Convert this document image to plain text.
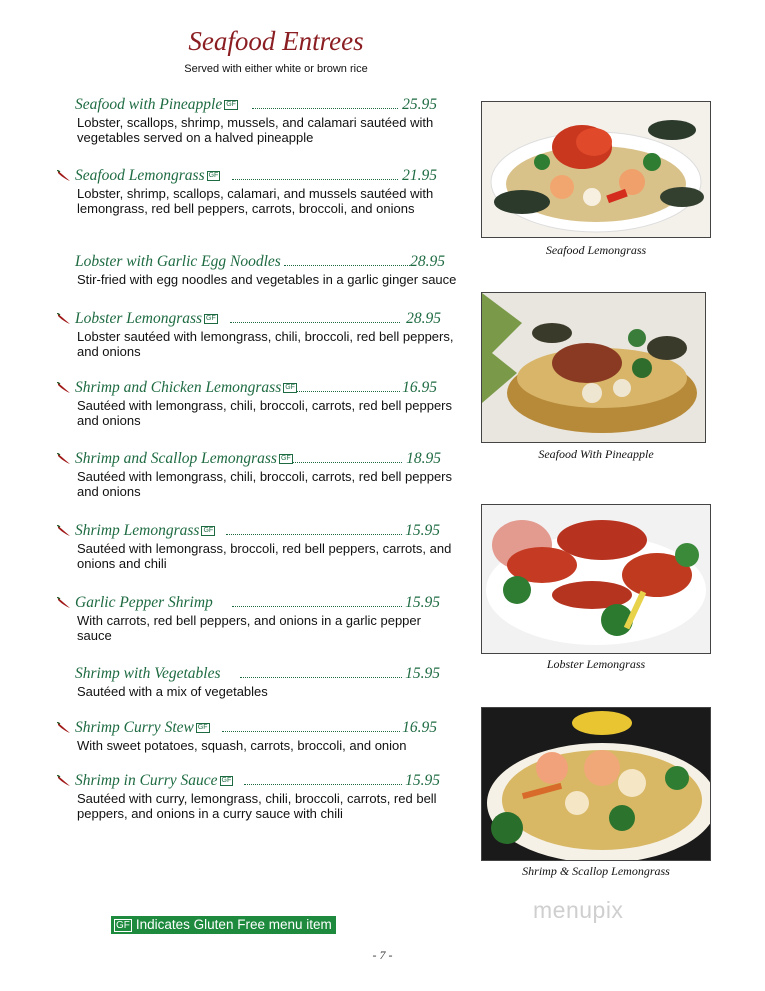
Seafood Entrees
Served with either white or brown rice
Seafood with Pineapple GF	25.95
Lobster, scallops, shrimp, mussels, and calamari sautéed with vegetables served on a halved pineapple
Seafood Lemongrass GF	21.95
Lobster, shrimp, scallops, calamari, and mussels sautéed with lemongrass, red bell peppers, carrots, broccoli, and onions
Lobster with Garlic Egg Noodles	28.95
Stir-fried with egg noodles and vegetables in a garlic ginger sauce
Lobster Lemongrass GF	28.95
Lobster sautéed with lemongrass, chili, broccoli, red bell peppers, and onions
Shrimp and Chicken Lemongrass GF	16.95
Sautéed with lemongrass, chili, broccoli, carrots, red bell peppers and onions
Shrimp and Scallop Lemongrass GF	18.95
Sautéed with lemongrass, chili, broccoli, carrots, red bell peppers and onions
Shrimp Lemongrass GF	15.95
Sautéed with lemongrass, broccoli, red bell peppers, carrots, and onions and chili
Garlic Pepper Shrimp	15.95
With carrots, red bell peppers, and onions in a garlic pepper sauce
Shrimp with Vegetables	15.95
Sautéed with a mix of vegetables
Shrimp Curry Stew GF	16.95
With sweet potatoes, squash, carrots, broccoli, and onion
Shrimp in Curry Sauce GF	15.95
Sautéed with curry, lemongrass, chili, broccoli, carrots, red bell peppers, and onions in a curry sauce with chili
Seafood Lemongrass
Seafood With Pineapple
Lobster Lemongrass
Shrimp & Scallop Lemongrass
GF Indicates Gluten Free menu item
menupix
- 7 -
